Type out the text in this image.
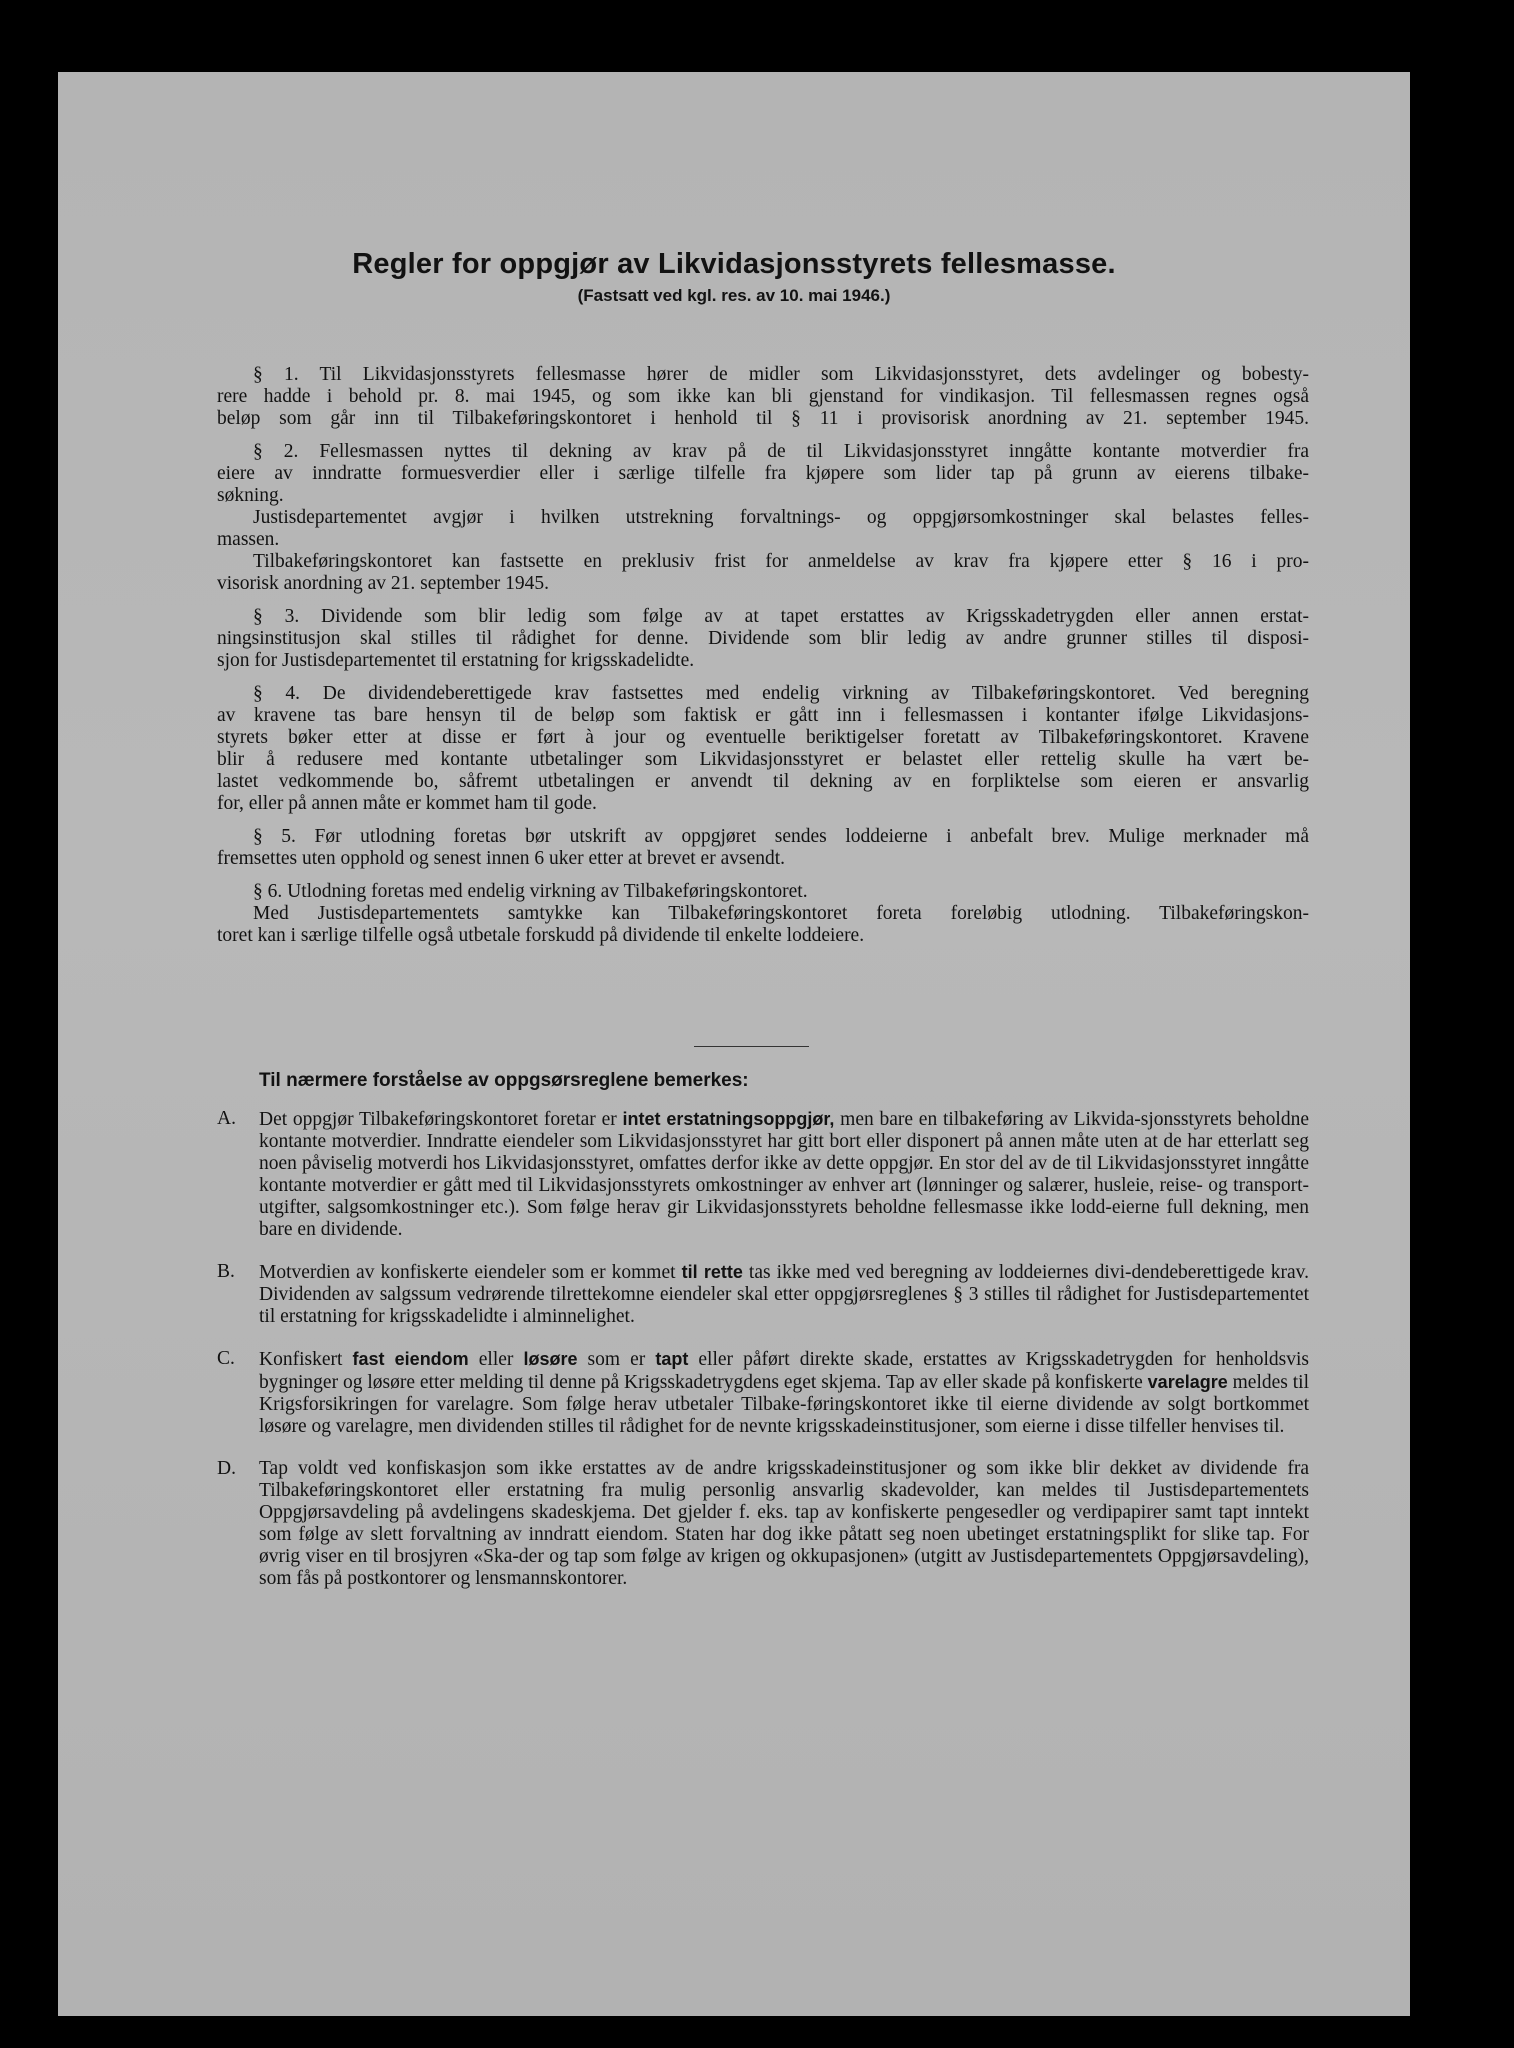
Regler for oppgjør av Likvidasjonsstyrets fellesmasse.
(Fastsatt ved kgl. res. av 10. mai 1946.)
§ 1. Til Likvidasjonsstyrets fellesmasse hører de midler som Likvidasjonsstyret, dets avdelinger og bobesty-
rere hadde i behold pr. 8. mai 1945, og som ikke kan bli gjenstand for vindikasjon. Til fellesmassen regnes også
beløp som går inn til Tilbakeføringskontoret i henhold til § 11 i provisorisk anordning av 21. september 1945.
§ 2. Fellesmassen nyttes til dekning av krav på de til Likvidasjonsstyret inngåtte kontante motverdier fra
eiere av inndratte formuesverdier eller i særlige tilfelle fra kjøpere som lider tap på grunn av eierens tilbake-
søkning.
Justisdepartementet avgjør i hvilken utstrekning forvaltnings- og oppgjørsomkostninger skal belastes felles-
massen.
Tilbakeføringskontoret kan fastsette en preklusiv frist for anmeldelse av krav fra kjøpere etter § 16 i pro-
visorisk anordning av 21. september 1945.
§ 3. Dividende som blir ledig som følge av at tapet erstattes av Krigsskadetrygden eller annen erstat-
ningsinstitusjon skal stilles til rådighet for denne. Dividende som blir ledig av andre grunner stilles til disposi-
sjon for Justisdepartementet til erstatning for krigsskadelidte.
§ 4. De dividendeberettigede krav fastsettes med endelig virkning av Tilbakeføringskontoret. Ved beregning
av kravene tas bare hensyn til de beløp som faktisk er gått inn i fellesmassen i kontanter ifølge Likvidasjons-
styrets bøker etter at disse er ført à jour og eventuelle beriktigelser foretatt av Tilbakeføringskontoret. Kravene
blir å redusere med kontante utbetalinger som Likvidasjonsstyret er belastet eller rettelig skulle ha vært be-
lastet vedkommende bo, såfremt utbetalingen er anvendt til dekning av en forpliktelse som eieren er ansvarlig
for, eller på annen måte er kommet ham til gode.
§ 5. Før utlodning foretas bør utskrift av oppgjøret sendes loddeierne i anbefalt brev. Mulige merknader må
fremsettes uten opphold og senest innen 6 uker etter at brevet er avsendt.
§ 6. Utlodning foretas med endelig virkning av Tilbakeføringskontoret.
Med Justisdepartementets samtykke kan Tilbakeføringskontoret foreta foreløbig utlodning. Tilbakeføringskon-
toret kan i særlige tilfelle også utbetale forskudd på dividende til enkelte loddeiere.
Til nærmere forståelse av oppgsørsreglene bemerkes:
A.	Det oppgjør Tilbakeføringskontoret foretar er intet erstatningsoppgjør, men bare en tilbakeføring av Likvida-sjonsstyrets beholdne kontante motverdier. Inndratte eiendeler som Likvidasjonsstyret har gitt bort eller disponert på annen måte uten at de har etterlatt seg noen påviselig motverdi hos Likvidasjonsstyret, omfattes derfor ikke av dette oppgjør. En stor del av de til Likvidasjonsstyret inngåtte kontante motverdier er gått med til Likvidasjonsstyrets omkostninger av enhver art (lønninger og salærer, husleie, reise- og transport-utgifter, salgsomkostninger etc.). Som følge herav gir Likvidasjonsstyrets beholdne fellesmasse ikke lodd-eierne full dekning, men bare en dividende.
B.	Motverdien av konfiskerte eiendeler som er kommet til rette tas ikke med ved beregning av loddeiernes divi-dendeberettigede krav. Dividenden av salgssum vedrørende tilrettekomne eiendeler skal etter oppgjørsreglenes § 3 stilles til rådighet for Justisdepartementet til erstatning for krigsskadelidte i alminnelighet.
C.	Konfiskert fast eiendom eller løsøre som er tapt eller påført direkte skade, erstattes av Krigsskadetrygden for henholdsvis bygninger og løsøre etter melding til denne på Krigsskadetrygdens eget skjema. Tap av eller skade på konfiskerte varelagre meldes til Krigsforsikringen for varelagre. Som følge herav utbetaler Tilbake-føringskontoret ikke til eierne dividende av solgt bortkommet løsøre og varelagre, men dividenden stilles til rådighet for de nevnte krigsskadeinstitusjoner, som eierne i disse tilfeller henvises til.
D.	Tap voldt ved konfiskasjon som ikke erstattes av de andre krigsskadeinstitusjoner og som ikke blir dekket av dividende fra Tilbakeføringskontoret eller erstatning fra mulig personlig ansvarlig skadevolder, kan meldes til Justisdepartementets Oppgjørsavdeling på avdelingens skadeskjema. Det gjelder f. eks. tap av konfiskerte pengesedler og verdipapirer samt tapt inntekt som følge av slett forvaltning av inndratt eiendom. Staten har dog ikke påtatt seg noen ubetinget erstatningsplikt for slike tap. For øvrig viser en til brosjyren «Ska-der og tap som følge av krigen og okkupasjonen» (utgitt av Justisdepartementets Oppgjørsavdeling), som fås på postkontorer og lensmannskontorer.
